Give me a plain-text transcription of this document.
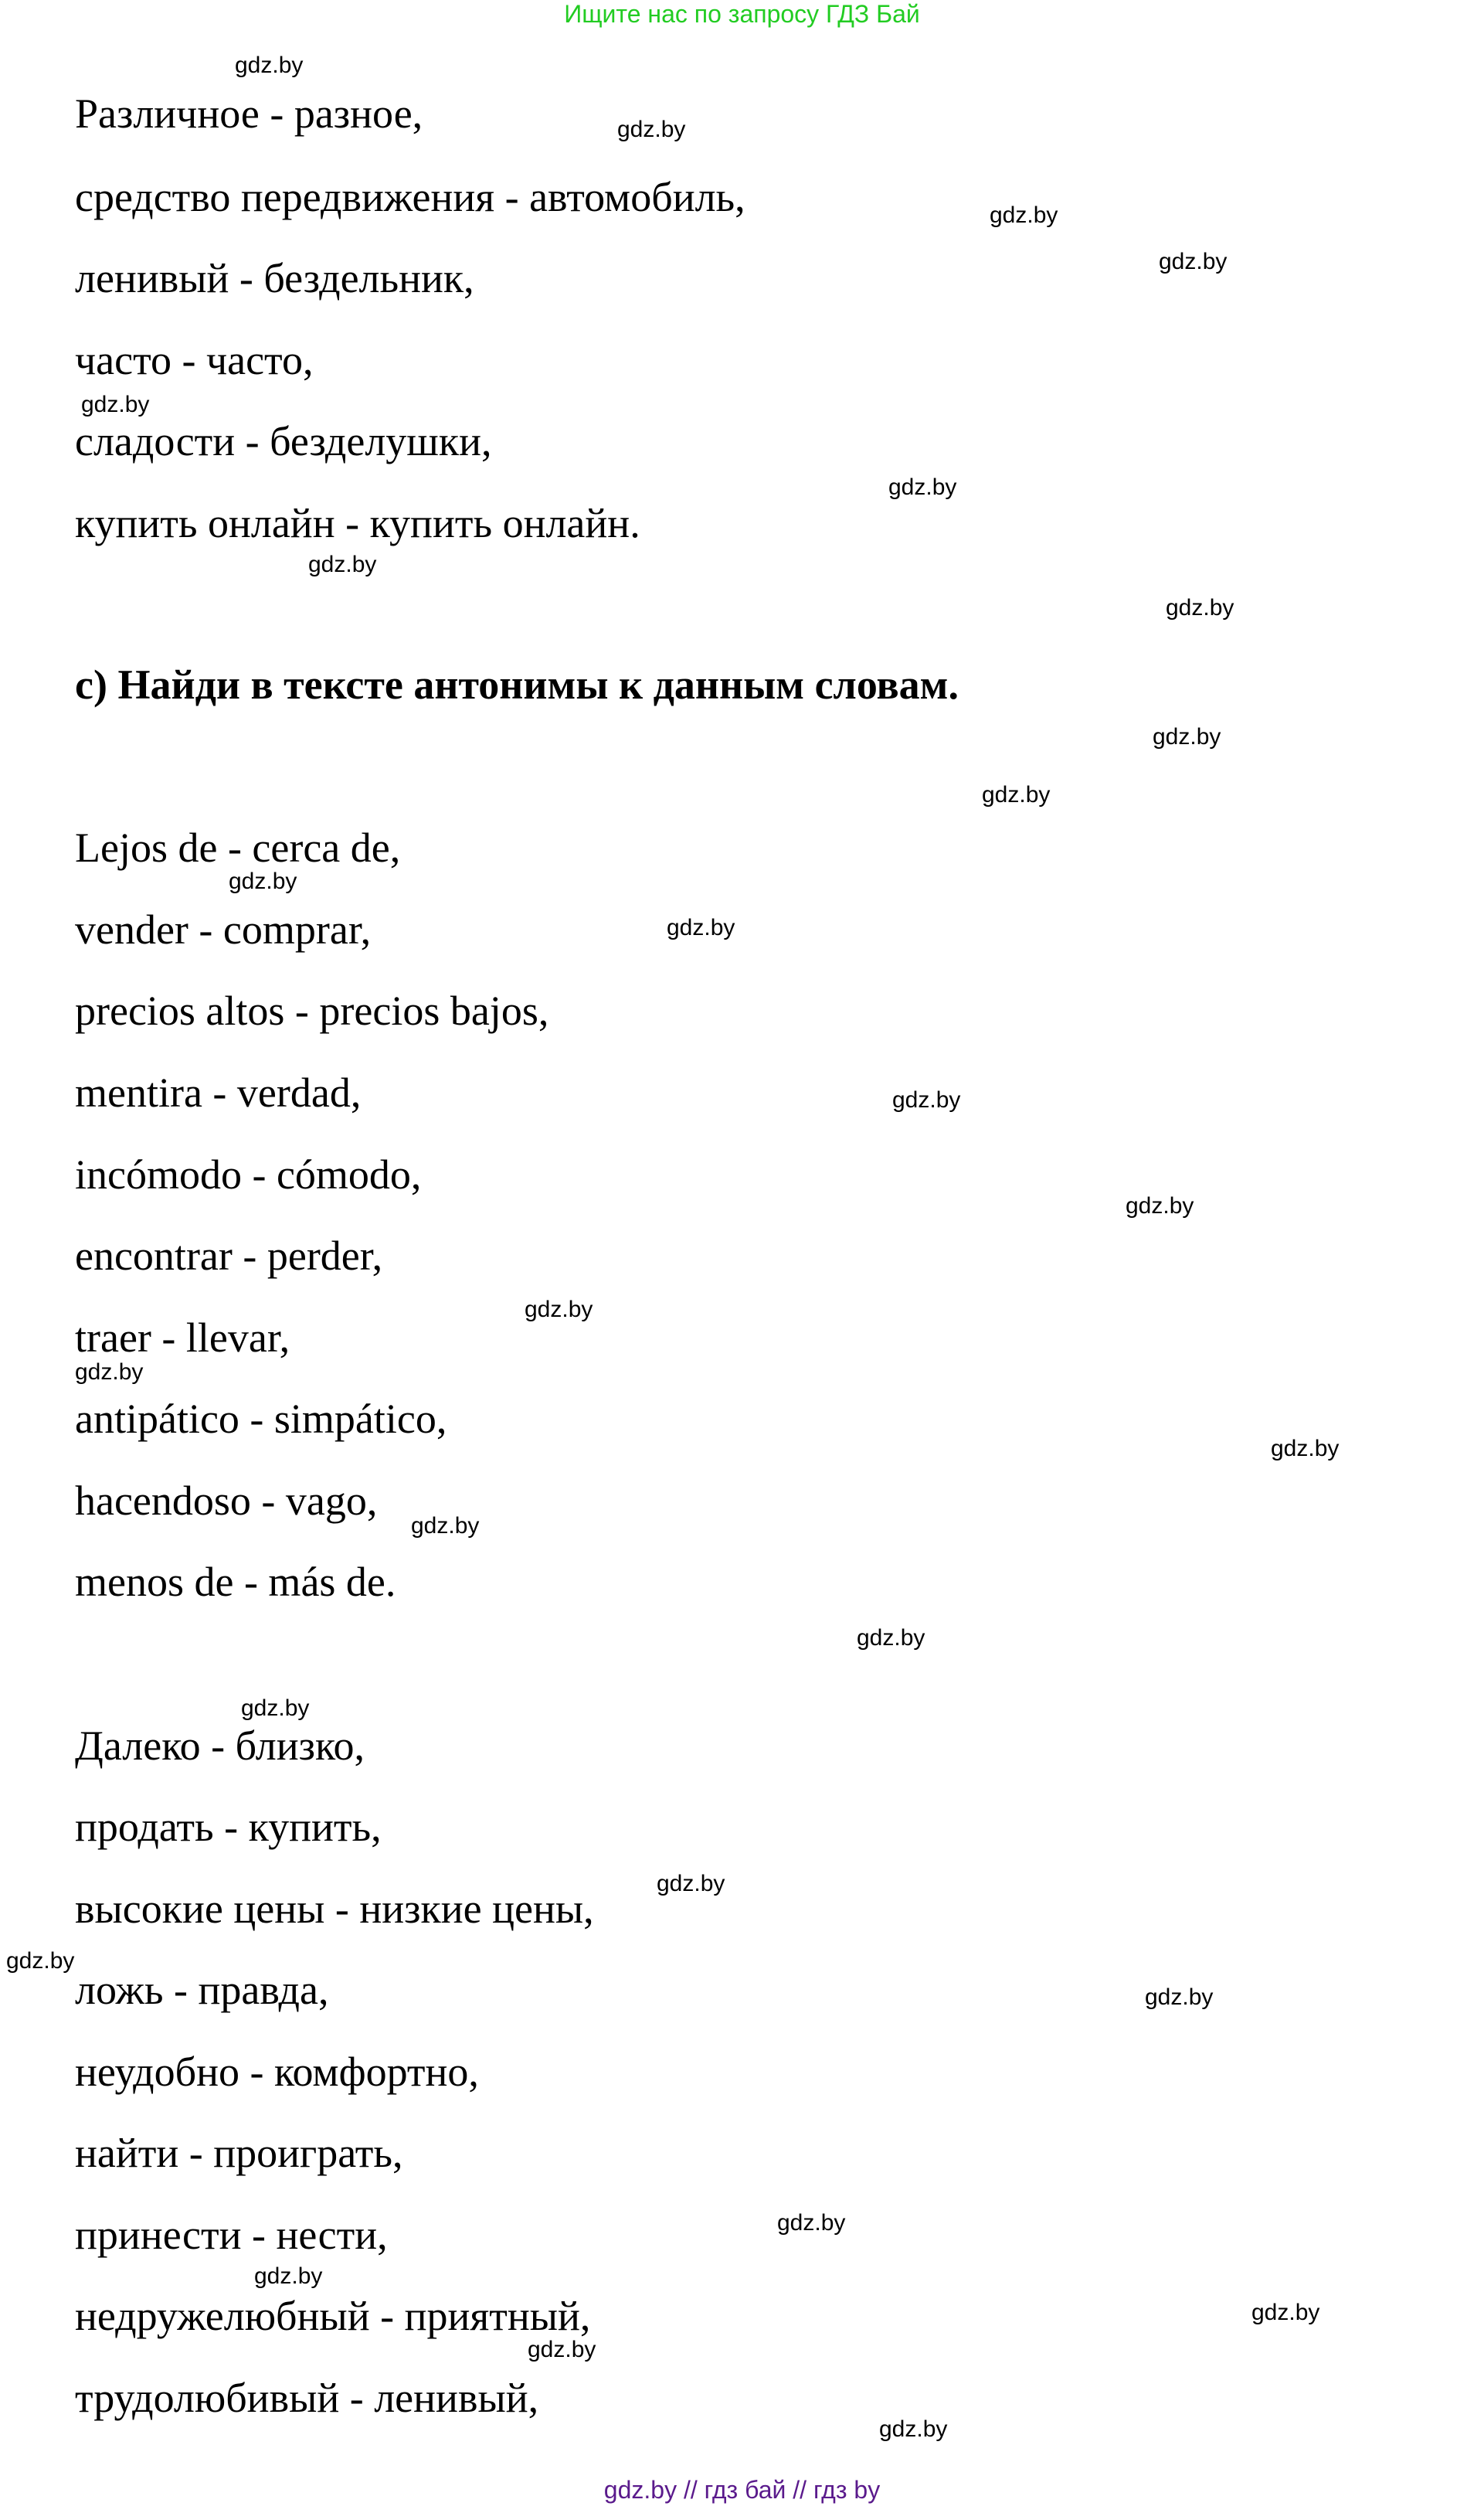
Ищите нас по запросу ГДЗ Бай
Различное - разное,
средство передвижения - автомобиль,
ленивый - бездельник,
часто - часто,
сладости - безделушки,
купить онлайн - купить онлайн.
c) Найди в тексте антонимы к данным словам.
Lejos de - cerca de,
vender - comprar,
precios altos - precios bajos,
mentira - verdad,
incómodo - cómodo,
encontrar - perder,
traer - llevar,
antipático - simpático,
hacendoso - vago,
menos de - más de.
Далеко - близко,
продать - купить,
высокие цены - низкие цены,
ложь - правда,
неудобно - комфортно,
найти - проиграть,
принести - нести,
недружелюбный - приятный,
трудолюбивый - ленивый,
gdz.by
gdz.by
gdz.by
gdz.by
gdz.by
gdz.by
gdz.by
gdz.by
gdz.by
gdz.by
gdz.by
gdz.by
gdz.by
gdz.by
gdz.by
gdz.by
gdz.by
gdz.by
gdz.by
gdz.by
gdz.by
gdz.by
gdz.by
gdz.by
gdz.by
gdz.by
gdz.by
gdz.by
gdz.by // гдз бай // гдз by
